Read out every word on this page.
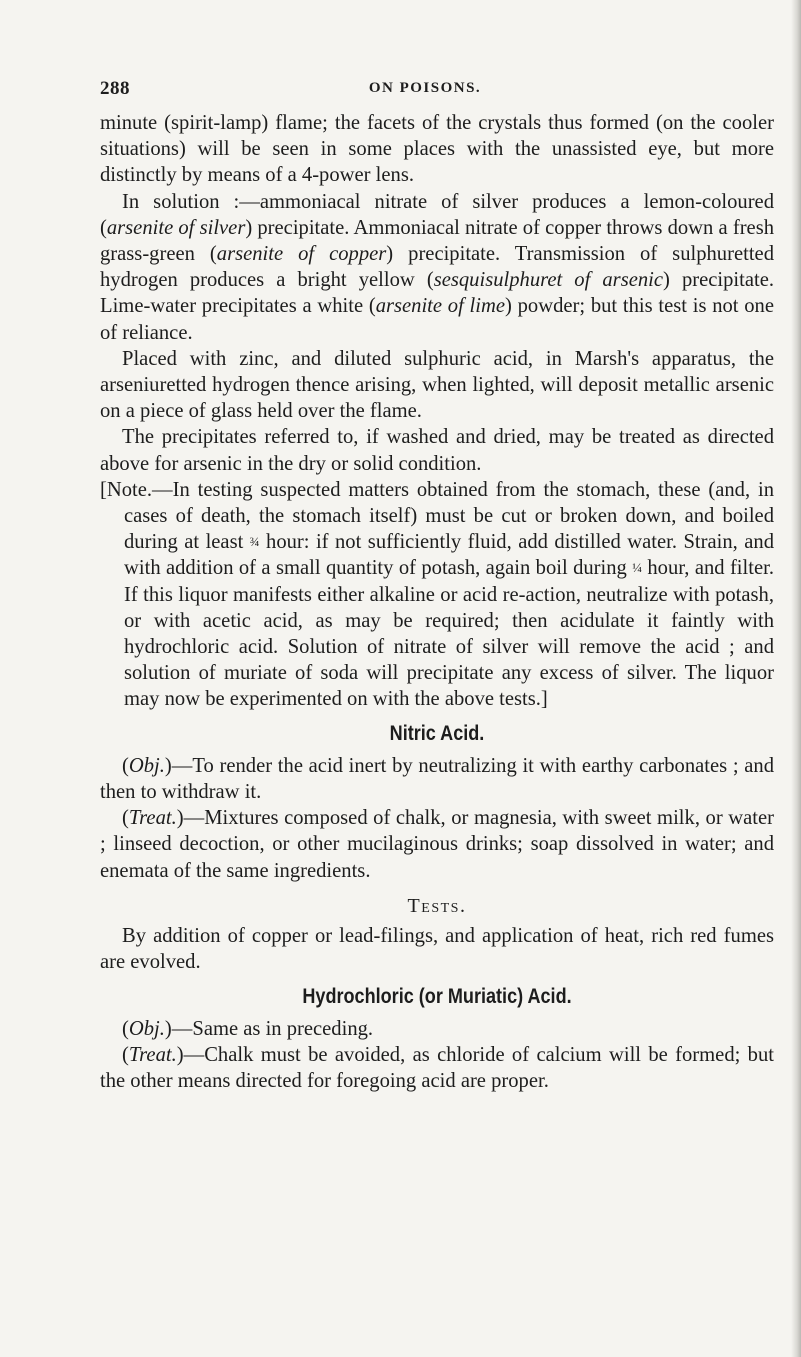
288	ON POISONS.

minute (spirit-lamp) flame; the facets of the crystals thus formed (on the cooler situations) will be seen in some places with the unassisted eye, but more distinctly by means of a 4-power lens.

In solution :—ammoniacal nitrate of silver produces a lemon-coloured (arsenite of silver) precipitate. Ammoniacal nitrate of copper throws down a fresh grass-green (arsenite of copper) precipitate. Transmission of sulphuretted hydrogen produces a bright yellow (sesquisulphuret of arsenic) precipitate. Lime-water precipitates a white (arsenite of lime) powder; but this test is not one of reliance.

Placed with zinc, and diluted sulphuric acid, in Marsh's apparatus, the arseniuretted hydrogen thence arising, when lighted, will deposit metallic arsenic on a piece of glass held over the flame.

The precipitates referred to, if washed and dried, may be treated as directed above for arsenic in the dry or solid condition.

[Note.—In testing suspected matters obtained from the stomach, these (and, in cases of death, the stomach itself) must be cut or broken down, and boiled during at least ¾ hour: if not sufficiently fluid, add distilled water. Strain, and with addition of a small quantity of potash, again boil during ¼ hour, and filter. If this liquor manifests either alkaline or acid re-action, neutralize with potash, or with acetic acid, as may be required; then acidulate it faintly with hydrochloric acid. Solution of nitrate of silver will remove the acid ; and solution of muriate of soda will precipitate any excess of silver. The liquor may now be experimented on with the above tests.]

Nitric Acid.

(Obj.)—To render the acid inert by neutralizing it with earthy carbonates ; and then to withdraw it.

(Treat.)—Mixtures composed of chalk, or magnesia, with sweet milk, or water ; linseed decoction, or other mucilaginous drinks; soap dissolved in water; and enemata of the same ingredients.

Tests.

By addition of copper or lead-filings, and application of heat, rich red fumes are evolved.

Hydrochloric (or Muriatic) Acid.

(Obj.)—Same as in preceding.

(Treat.)—Chalk must be avoided, as chloride of calcium will be formed; but the other means directed for foregoing acid are proper.
